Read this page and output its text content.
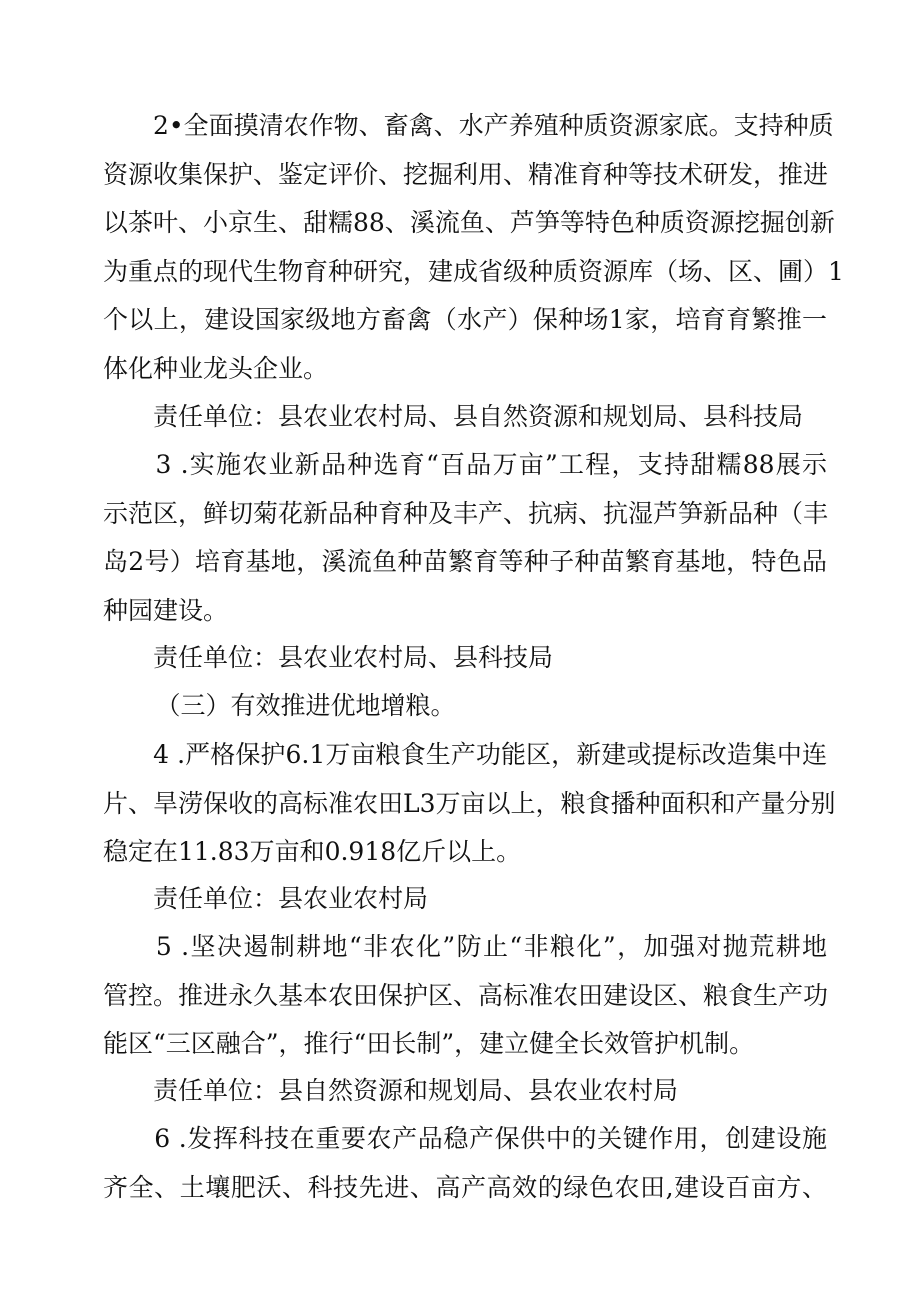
　　2•全面摸清农作物、畜禽、水产养殖种质资源家底。支持种质
资源收集保护、鉴定评价、挖掘利用、精准育种等技术研发，推进
以茶叶、小京生、甜糯88、溪流鱼、芦笋等特色种质资源挖掘创新
为重点的现代生物育种研究，建成省级种质资源库（场、区、圃）1
个以上，建设国家级地方畜禽（水产）保种场1家，培育育繁推一
体化种业龙头企业。
　　责任单位：县农业农村局、县自然资源和规划局、县科技局
　　3 .实施农业新品种选育“百品万亩”工程，支持甜糯88展示
示范区，鲜切菊花新品种育种及丰产、抗病、抗湿芦笋新品种（丰
岛2号）培育基地，溪流鱼种苗繁育等种子种苗繁育基地，特色品
种园建设。
　　责任单位：县农业农村局、县科技局
　　（三）有效推进优地增粮。
　　4 .严格保护6.1万亩粮食生产功能区，新建或提标改造集中连
片、旱涝保收的高标准农田L3万亩以上，粮食播种面积和产量分别
稳定在11.83万亩和0.918亿斤以上。
　　责任单位：县农业农村局
　　5 .坚决遏制耕地“非农化”防止“非粮化”，加强对抛荒耕地
管控。推进永久基本农田保护区、高标准农田建设区、粮食生产功
能区“三区融合”，推行“田长制”，建立健全长效管护机制。
　　责任单位：县自然资源和规划局、县农业农村局
　　6 .发挥科技在重要农产品稳产保供中的关键作用，创建设施
齐全、土壤肥沃、科技先进、高产高效的绿色农田,建设百亩方、
